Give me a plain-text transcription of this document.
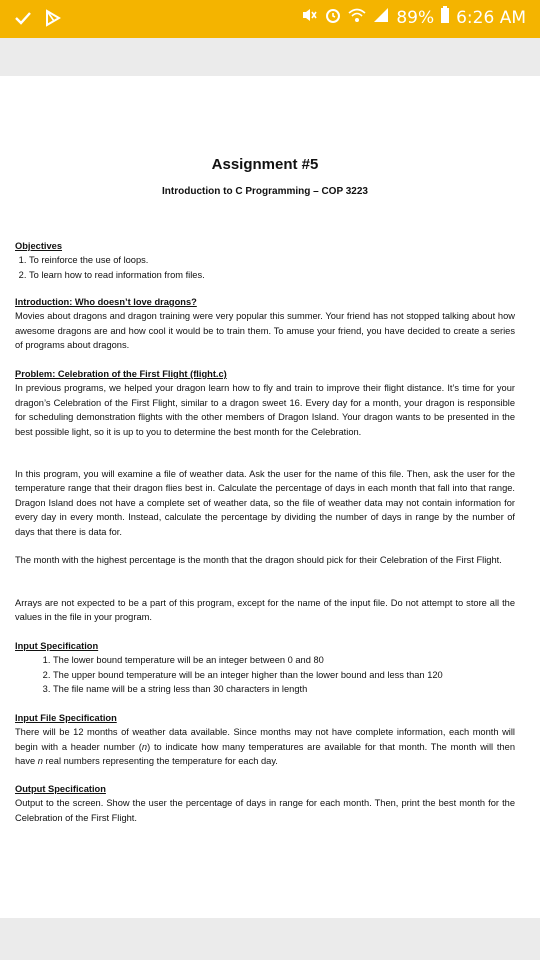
89% 6:26 AM
Assignment #5
Introduction to C Programming – COP 3223
Objectives
1. To reinforce the use of loops.
2. To learn how to read information from files.
Introduction: Who doesn’t love dragons?

Movies about dragons and dragon training were very popular this summer. Your friend has not stopped talking about how awesome dragons are and how cool it would be to train them. To amuse your friend, you have decided to create a series of programs about dragons.

Problem: Celebration of the First Flight (flight.c)

In previous programs, we helped your dragon learn how to fly and train to improve their flight distance. It’s time for your dragon’s Celebration of the First Flight, similar to a dragon sweet 16. Every day for a month, your dragon is responsible for scheduling demonstration flights with the other members of Dragon Island. Your dragon wants to be presented in the best possible light, so it is up to you to determine the best month for the Celebration.

In this program, you will examine a file of weather data. Ask the user for the name of this file. Then, ask the user for the temperature range that their dragon flies best in. Calculate the percentage of days in each month that fall into that range. Dragon Island does not have a complete set of weather data, so the file of weather data may not contain information for every day in every month. Instead, calculate the percentage by dividing the number of days in range by the number of days that there is data for.

The month with the highest percentage is the month that the dragon should pick for their Celebration of the First Flight.

Arrays are not expected to be a part of this program, except for the name of the input file. Do not attempt to store all the values in the file in your program.

Input Specification
1. The lower bound temperature will be an integer between 0 and 80
2. The upper bound temperature will be an integer higher than the lower bound and less than 120
3. The file name will be a string less than 30 characters in length
Input File Specification

There will be 12 months of weather data available. Since months may not have complete information, each month will begin with a header number (n) to indicate how many temperatures are available for that month. The month will then have n real numbers representing the temperature for each day.

Output Specification

Output to the screen. Show the user the percentage of days in range for each month. Then, print the best month for the Celebration of the First Flight.
